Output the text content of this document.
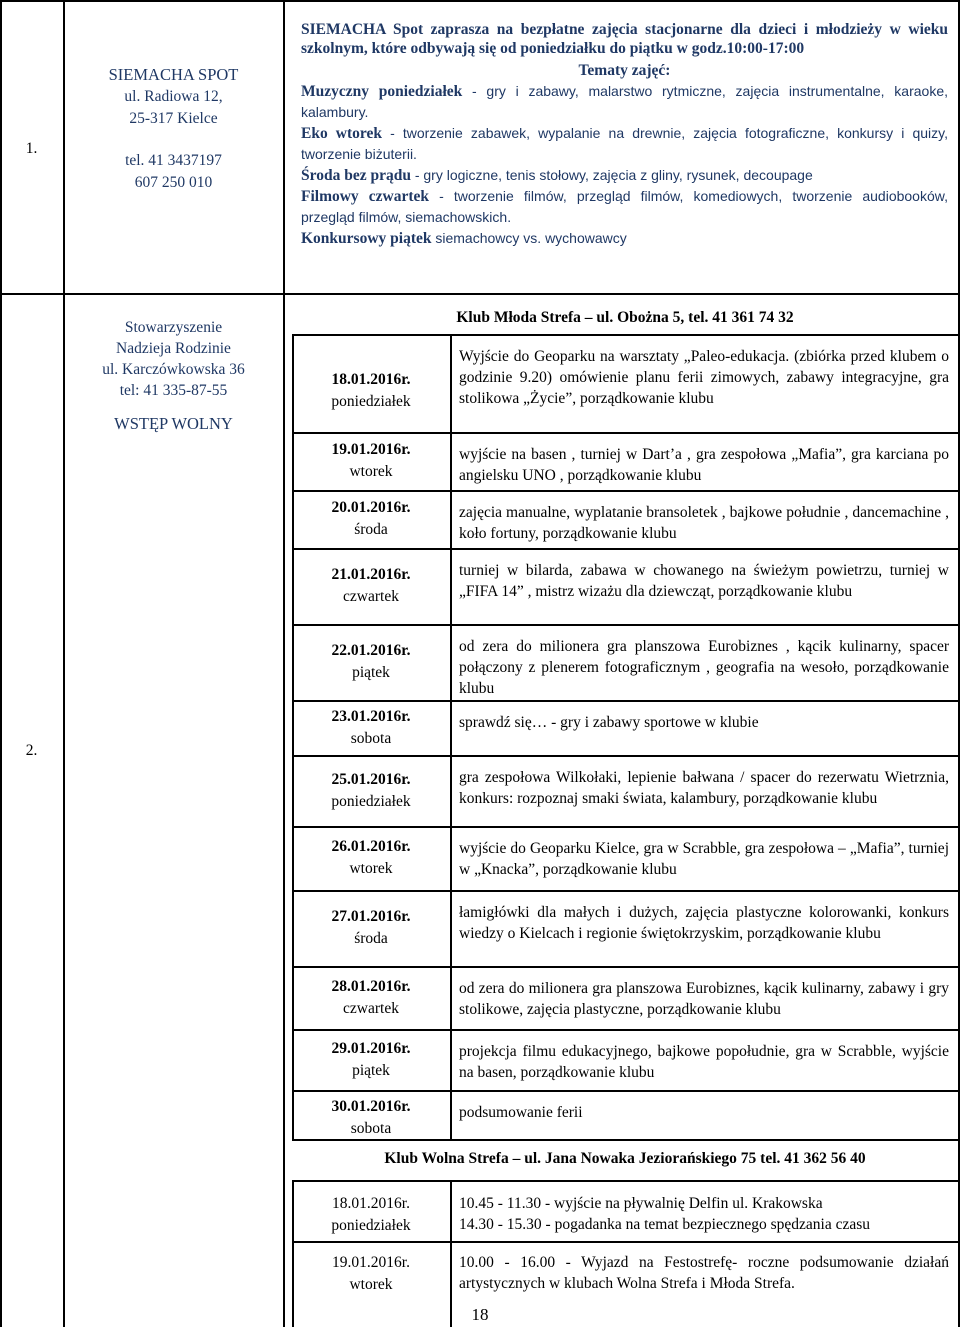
1.
SIEMACHA SPOT
ul. Radiowa 12,
25-317 Kielce
tel. 41 3437197
607 250 010
SIEMACHA Spot zaprasza na bezpłatne zajęcia stacjonarne dla dzieci i młodzieży w wieku szkolnym, które odbywają się od poniedziałku do piątku w godz.10:00-17:00
Tematy zajęć:
Muzyczny poniedziałek - gry i zabawy, malarstwo rytmiczne, zajęcia instrumentalne, karaoke, kalambury.
Eko wtorek - tworzenie zabawek, wypalanie na drewnie, zajęcia fotograficzne, konkursy i quizy, tworzenie biżuterii.
Środa bez prądu - gry logiczne, tenis stołowy, zajęcia z gliny, rysunek, decoupage
Filmowy czwartek - tworzenie filmów, przegląd filmów, komediowych, tworzenie audiobooków, przegląd filmów, siemachowskich.
Konkursowy piątek siemachowcy vs. wychowawcy
2.
Stowarzyszenie
Nadzieja Rodzinie
ul. Karczówkowska 36
tel: 41 335-87-55
WSTĘP WOLNY
Klub Młoda Strefa – ul. Obożna 5, tel. 41 361 74 32
18.01.2016r.
poniedziałek
Wyjście do Geoparku na warsztaty „Paleo-edukacja. (zbiórka przed klubem o godzinie 9.20) omówienie planu ferii zimowych, zabawy integracyjne, gra stolikowa „Życie”, porządkowanie klubu
19.01.2016r.
wtorek
wyjście na basen , turniej w Dart’a , gra zespołowa „Mafia”, gra karciana po angielsku UNO , porządkowanie klubu
20.01.2016r.
środa
zajęcia manualne, wyplatanie bransoletek , bajkowe południe , dancemachine , koło fortuny, porządkowanie klubu
21.01.2016r.
czwartek
turniej w bilarda, zabawa w chowanego na świeżym powietrzu, turniej w „FIFA 14” , mistrz wizażu dla dziewcząt, porządkowanie klubu
22.01.2016r.
piątek
od zera do milionera gra planszowa Eurobiznes , kącik kulinarny, spacer połączony z plenerem fotograficznym , geografia na wesoło, porządkowanie klubu
23.01.2016r.
sobota
sprawdź się… - gry i zabawy sportowe w klubie
25.01.2016r.
poniedziałek
gra zespołowa Wilkołaki, lepienie bałwana / spacer do rezerwatu Wietrznia, konkurs: rozpoznaj smaki świata, kalambury, porządkowanie klubu
26.01.2016r.
wtorek
wyjście do Geoparku Kielce, gra w Scrabble, gra zespołowa – „Mafia”, turniej w „Knacka”, porządkowanie klubu
27.01.2016r.
środa
łamigłówki dla małych i dużych, zajęcia plastyczne kolorowanki, konkurs wiedzy o Kielcach i regionie świętokrzyskim, porządkowanie klubu
28.01.2016r.
czwartek
od zera do milionera gra planszowa Eurobiznes, kącik kulinarny, zabawy i gry stolikowe, zajęcia plastyczne, porządkowanie klubu
29.01.2016r.
piątek
projekcja filmu edukacyjnego, bajkowe popołudnie, gra w Scrabble, wyjście na basen, porządkowanie klubu
30.01.2016r.
sobota
podsumowanie ferii
Klub Wolna Strefa – ul. Jana Nowaka Jeziorańskiego 75 tel. 41 362 56 40
18.01.2016r.
poniedziałek
10.45 - 11.30 - wyjście na pływalnię Delfin ul. Krakowska
14.30 - 15.30 - pogadanka na temat bezpiecznego spędzania czasu
19.01.2016r.
wtorek
10.00 - 16.00 - Wyjazd na Festostrefę- roczne podsumowanie działań artystycznych w klubach Wolna Strefa i Młoda Strefa.
18
